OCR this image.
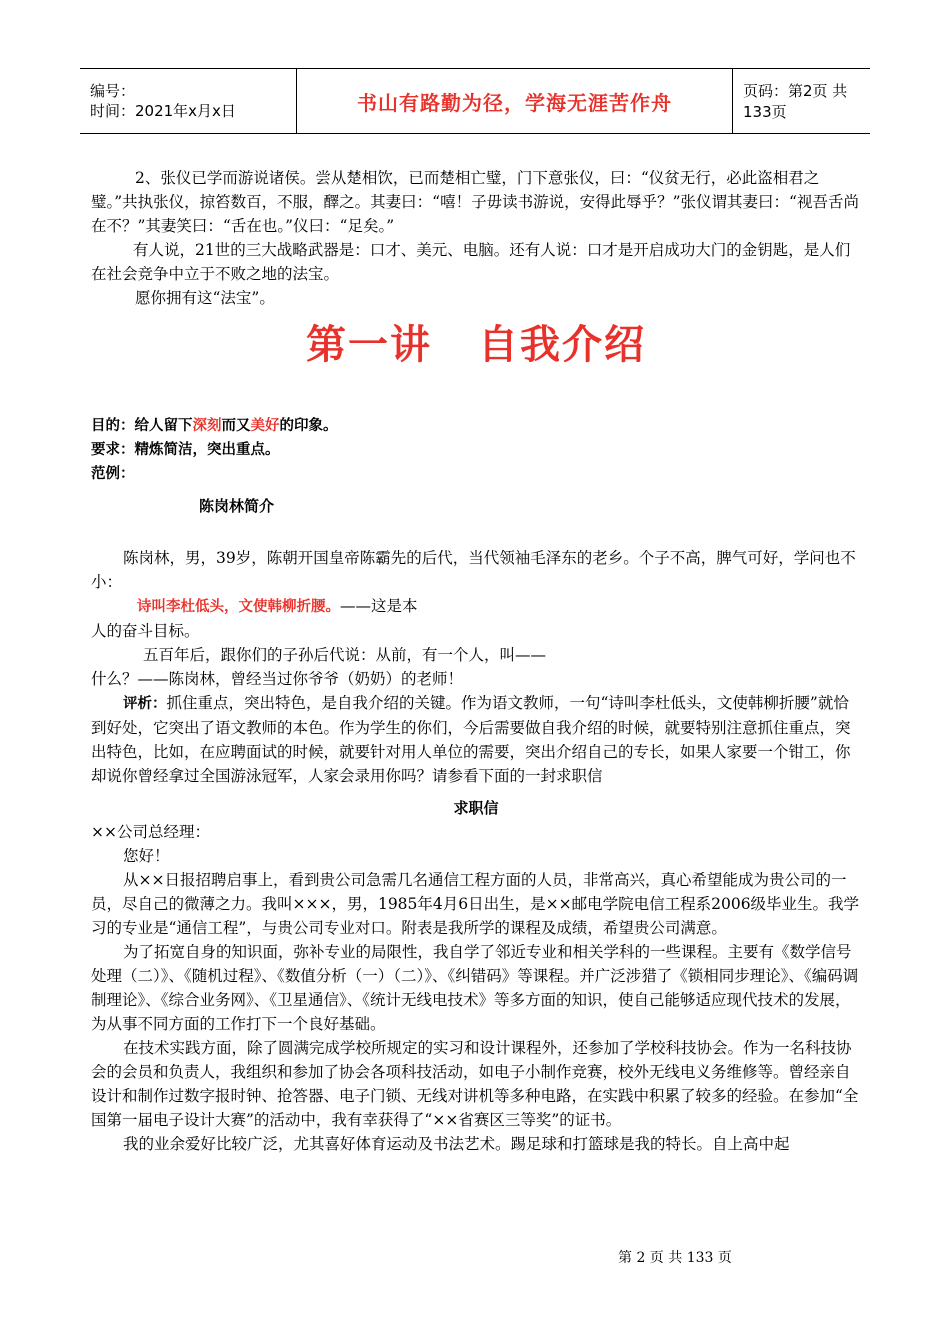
编号：
时间：2021年x月x日	书山有路勤为径，学海无涯苦作舟	页码：第2页 共133页

2、张仪已学而游说诸侯。尝从楚相饮，已而楚相亡璧，门下意张仪，曰：“仪贫无行，必此盗相君之璧。”共执张仪，掠笞数百，不服，醳之。其妻曰：“嘻！子毋读书游说，安得此辱乎？”张仪谓其妻曰：“视吾舌尚在不？”其妻笑曰：“舌在也。”仪曰：“足矣。”

有人说，21世的三大战略武器是：口才、美元、电脑。还有人说：口才是开启成功大门的金钥匙，是人们在社会竞争中立于不败之地的法宝。

愿你拥有这“法宝”。

第一讲 自我介绍

目的：给人留下深刻而又美好的印象。

要求：精炼简洁，突出重点。

范例：

陈岗林简介

陈岗林，男，39岁，陈朝开国皇帝陈霸先的后代，当代领袖毛泽东的老乡。个子不高，脾气可好，学问也不小：

诗叫李杜低头，文使韩柳折腰。——这是本

人的奋斗目标。

五百年后，跟你们的子孙后代说：从前，有一个人，叫——

什么？——陈岗林，曾经当过你爷爷（奶奶）的老师！

评析：抓住重点，突出特色，是自我介绍的关键。作为语文教师，一句“诗叫李杜低头，文使韩柳折腰”就恰到好处，它突出了语文教师的本色。作为学生的你们，今后需要做自我介绍的时候，就要特别注意抓住重点，突出特色，比如，在应聘面试的时候，就要针对用人单位的需要，突出介绍自己的专长，如果人家要一个钳工，你却说你曾经拿过全国游泳冠军，人家会录用你吗？请参看下面的一封求职信

求职信

××公司总经理：

您好！

从××日报招聘启事上，看到贵公司急需几名通信工程方面的人员，非常高兴，真心希望能成为贵公司的一员，尽自己的微薄之力。我叫×××，男，1985年4月6日出生，是××邮电学院电信工程系2006级毕业生。我学习的专业是“通信工程”，与贵公司专业对口。附表是我所学的课程及成绩，希望贵公司满意。

为了拓宽自身的知识面，弥补专业的局限性，我自学了邻近专业和相关学科的一些课程。主要有《数学信号处理（二）》、《随机过程》、《数值分析（一）（二）》、《纠错码》等课程。并广泛涉猎了《锁相同步理论》、《编码调制理论》、《综合业务网》、《卫星通信》、《统计无线电技术》等多方面的知识，使自己能够适应现代技术的发展，为从事不同方面的工作打下一个良好基础。

在技术实践方面，除了圆满完成学校所规定的实习和设计课程外，还参加了学校科技协会。作为一名科技协会的会员和负责人，我组织和参加了协会各项科技活动，如电子小制作竞赛，校外无线电义务维修等。曾经亲自设计和制作过数字报时钟、抢答器、电子门锁、无线对讲机等多种电路，在实践中积累了较多的经验。在参加“全国第一届电子设计大赛”的活动中，我有幸获得了“××省赛区三等奖”的证书。

我的业余爱好比较广泛，尤其喜好体育运动及书法艺术。踢足球和打篮球是我的特长。自上高中起

第 2 页 共 133 页
